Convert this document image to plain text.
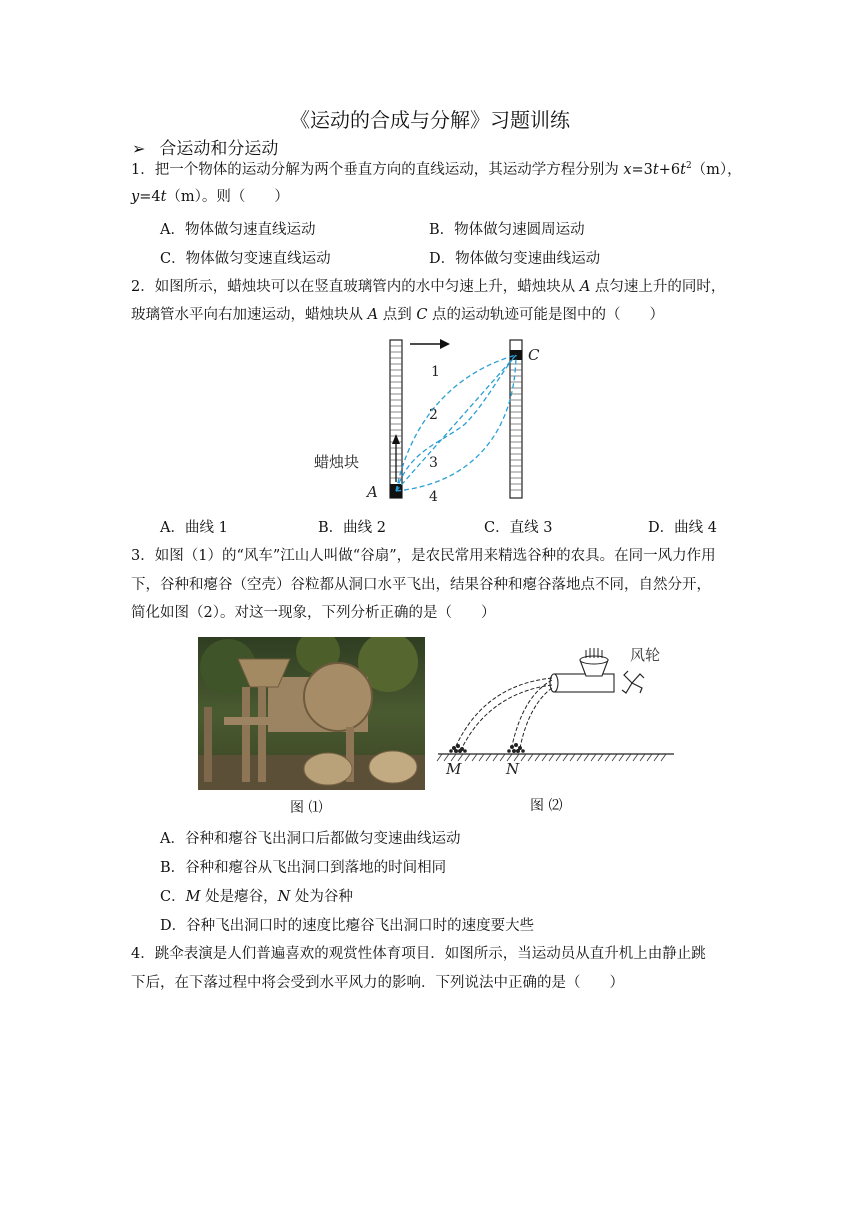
《运动的合成与分解》习题训练
➢ 合运动和分运动
1．把一个物体的运动分解为两个垂直方向的直线运动，其运动学方程分别为 $x=3t+6t^2(m)$，
y=4t（m）。则（　　）
A．物体做匀速直线运动	B．物体做匀速圆周运动
C．物体做匀变速直线运动	D．物体做匀变速曲线运动
2．如图所示，蜡烛块可以在竖直玻璃管内的水中匀速上升，蜡烛块从 A 点匀速上升的同时，
玻璃管水平向右加速运动，蜡烛块从 A 点到 C 点的运动轨迹可能是图中的（　　）
1
2
3
4
蜡烛块
A
C
A．曲线 1	B．曲线 2	C．直线 3	D．曲线 4
3．如图（1）的“风车”江山人叫做“谷扇”，是农民常用来精选谷种的农具。在同一风力作用
下，谷种和瘪谷（空壳）谷粒都从洞口水平飞出，结果谷种和瘪谷落地点不同，自然分开，
简化如图（2）。对这一现象，下列分析正确的是（　　）
图 ⑴
风轮
M	N
图 ⑵
A．谷种和瘪谷飞出洞口后都做匀变速曲线运动
B．谷种和瘪谷从飞出洞口到落地的时间相同
C．M 处是瘪谷，N 处为谷种
D．谷种飞出洞口时的速度比瘪谷飞出洞口时的速度要大些
4．跳伞表演是人们普遍喜欢的观赏性体育项目．如图所示，当运动员从直升机上由静止跳
下后，在下落过程中将会受到水平风力的影响．下列说法中正确的是（　　）
